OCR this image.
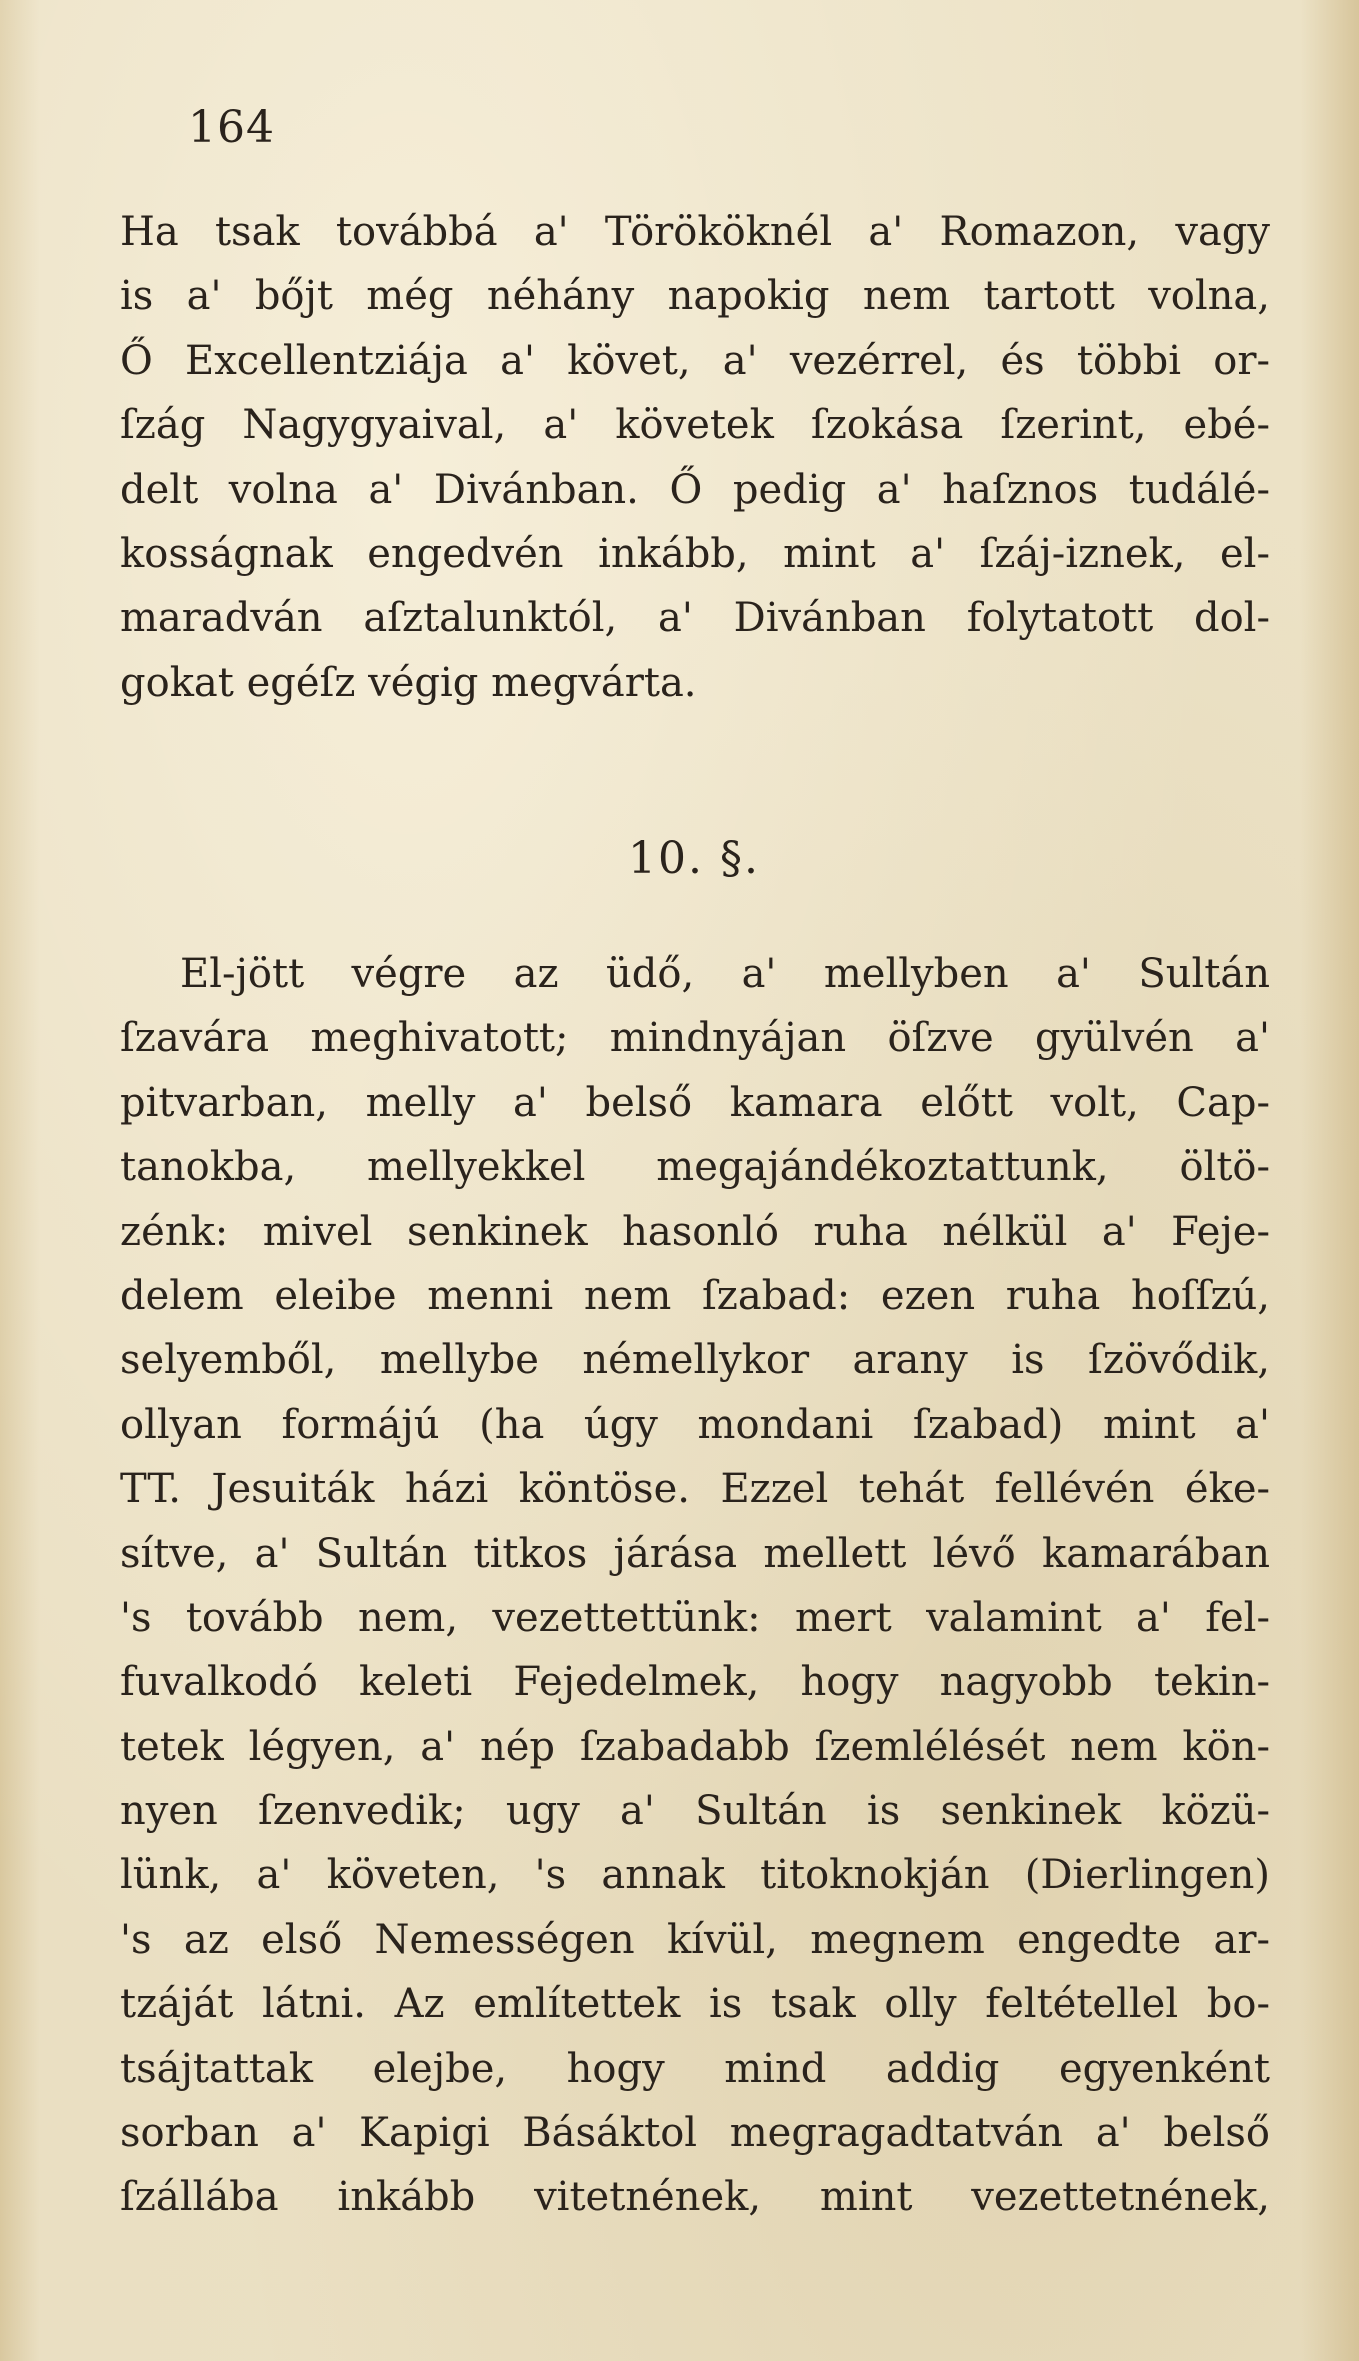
164
Ha tsak továbbá a' Törököknél a' Romazon, vagy
is a' bőjt még néhány napokig nem tartott volna,
Ő Excellentziája a' követ, a' vezérrel, és többi or-
ſzág Nagygyaival, a' követek ſzokása ſzerint, ebé-
delt volna a' Divánban. Ő pedig a' haſznos tudálé-
kosságnak engedvén inkább, mint a' ſzáj-iznek, el-
maradván aſztalunktól, a' Divánban folytatott dol-
gokat egéſz végig megvárta.
10. §.
El-jött végre az üdő, a' mellyben a' Sultán
ſzavára meghivatott; mindnyájan öſzve gyülvén a'
pitvarban, melly a' belső kamara előtt volt, Cap-
tanokba, mellyekkel megajándékoztattunk, öltö-
zénk: mivel senkinek hasonló ruha nélkül a' Feje-
delem eleibe menni nem ſzabad: ezen ruha hoſſzú,
selyemből, mellybe némellykor arany is ſzövődik,
ollyan formájú (ha úgy mondani ſzabad) mint a'
TT. Jesuiták házi köntöse. Ezzel tehát fellévén éke-
sítve, a' Sultán titkos járása mellett lévő kamarában
's tovább nem, vezettettünk: mert valamint a' fel-
fuvalkodó keleti Fejedelmek, hogy nagyobb tekin-
tetek légyen, a' nép ſzabadabb ſzemlélését nem kön-
nyen ſzenvedik; ugy a' Sultán is senkinek közü-
lünk, a' követen, 's annak titoknokján (Dierlingen)
's az első Nemességen kívül, megnem engedte ar-
tzáját látni. Az említettek is tsak olly feltétellel bo-
tsájtattak elejbe, hogy mind addig egyenként
sorban a' Kapigi Básáktol megragadtatván a' belső
ſzállába inkább vitetnének, mint vezettetnének,
